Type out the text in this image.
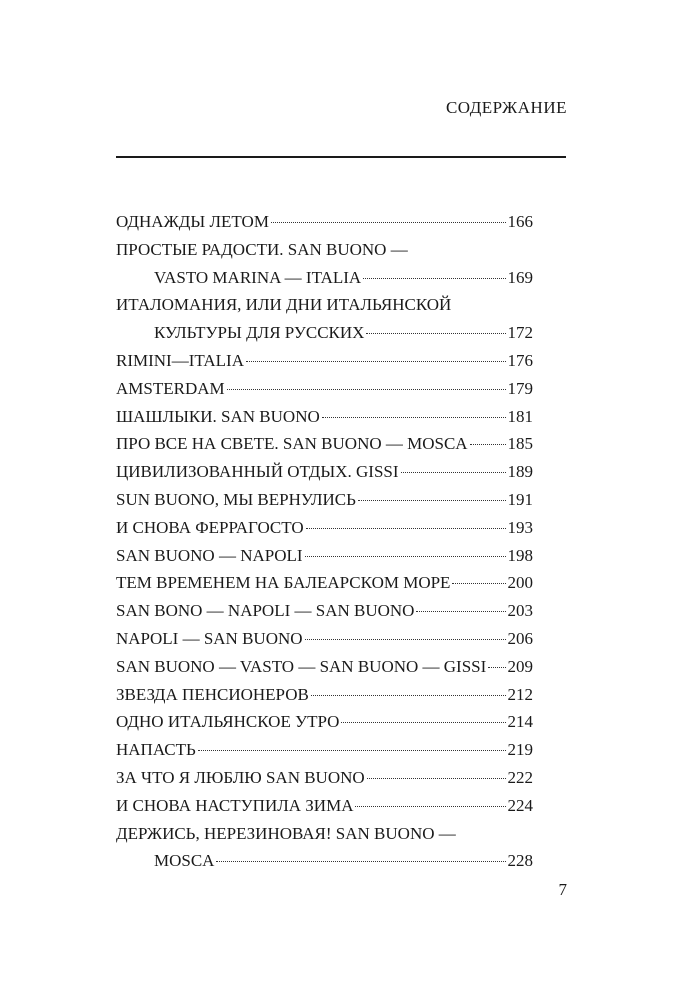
СОДЕРЖАНИЕ
ОДНАЖДЫ ЛЕТОМ	166
ПРОСТЫЕ РАДОСТИ. SAN BUONO —
VASTO MARINA — ITALIA	169
ИТАЛОМАНИЯ, ИЛИ ДНИ ИТАЛЬЯНСКОЙ
КУЛЬТУРЫ ДЛЯ РУССКИХ	172
RIMINI—ITALIA	176
AMSTERDAM	179
ШАШЛЫКИ. SAN BUONO	181
ПРО ВСЕ НА СВЕТЕ. SAN BUONO — MOSCA 185
ЦИВИЛИЗОВАННЫЙ ОТДЫХ. GISSI	189
SUN BUONO, МЫ ВЕРНУЛИСЬ	191
И СНОВА ФЕРРАГОСТО	193
SAN BUONO — NAPOLI	198
ТЕМ ВРЕМЕНЕМ НА БАЛЕАРСКОМ МОРЕ	200
SAN BONO — NAPOLI — SAN BUONO	203
NAPOLI — SAN BUONO	206
SAN BUONO — VASTO — SAN BUONO — GISSI 209
ЗВЕЗДА ПЕНСИОНЕРОВ	212
ОДНО ИТАЛЬЯНСКОЕ УТРО	214
НАПАСТЬ	219
ЗА ЧТО Я ЛЮБЛЮ SAN BUONO	222
И СНОВА НАСТУПИЛА ЗИМА	224
ДЕРЖИСЬ, НЕРЕЗИНОВАЯ! SAN BUONO —
MOSCA	228
7
